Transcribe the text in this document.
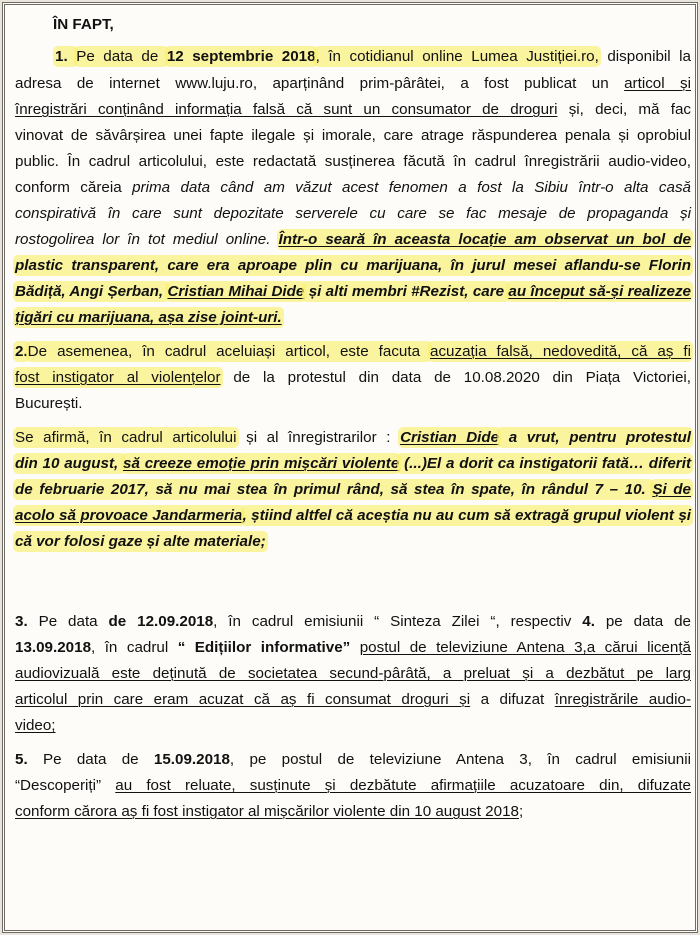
ÎN FAPT,
1. Pe data de 12 septembrie 2018, în cotidianul online Lumea Justiției.ro, disponibil la
adresa de internet www.luju.ro, aparținând prim-pârâtei, a fost publicat un articol și
înregistrări conținând informația falsă că sunt un consumator de droguri și, deci, mă fac
vinovat de săvârșirea unei fapte ilegale și imorale, care atrage răspunderea penala și oprobiul
public. În cadrul articolului, este redactată susținerea făcută în cadrul înregistrării audio-video,
conform căreia prima data când am văzut acest fenomen a fost la Sibiu într-o alta casă
conspirativă în care sunt depozitate serverele cu care se fac mesaje de propaganda și
rostogolirea lor în tot mediul online. Într-o seară în aceasta locație am observat un bol de
plastic transparent, care era aproape plin cu marijuana, în jurul mesei aflandu-se Florin
Bădiță, Angi Șerban, Cristian Mihai Dide și alti membri #Rezist, care au început să-și realizeze
țigări cu marijuana, așa zise joint-uri.
2.De asemenea, în cadrul aceluiași articol, este facuta acuzația falsă, nedovedită, că aș fi
fost instigator al violențelor de la protestul din data de 10.08.2020 din Piața Victoriei,
București.
Se afirmă, în cadrul articolului și al înregistrarilor : Cristian Dide a vrut, pentru protestul
din 10 august, să creeze emoție prin mișcări violente (...)El a dorit ca instigatorii fată… diferit
de februarie 2017, să nu mai stea în primul rând, să stea în spate, în rândul 7 – 10. Și de
acolo să provoace Jandarmeria, știind altfel că aceștia nu au cum să extragă grupul violent și
că vor folosi gaze și alte materiale;
3. Pe data de 12.09.2018, în cadrul emisiunii “ Sinteza Zilei “, respectiv 4. pe data de
13.09.2018, în cadrul “ Edițiilor informative” postul de televiziune Antena 3,a cărui licență
audiovizuală este deținută de societatea secund-pârâtă, a preluat și a dezbătut pe larg
articolul prin care eram acuzat că aș fi consumat droguri și a difuzat înregistrările audio-
video;
5. Pe data de 15.09.2018, pe postul de televiziune Antena 3, în cadrul emisiunii
“Descoperiți” au fost reluate, susținute și dezbătute afirmațiile acuzatoare din, difuzate
conform cărora aș fi fost instigator al mișcărilor violente din 10 august 2018;
